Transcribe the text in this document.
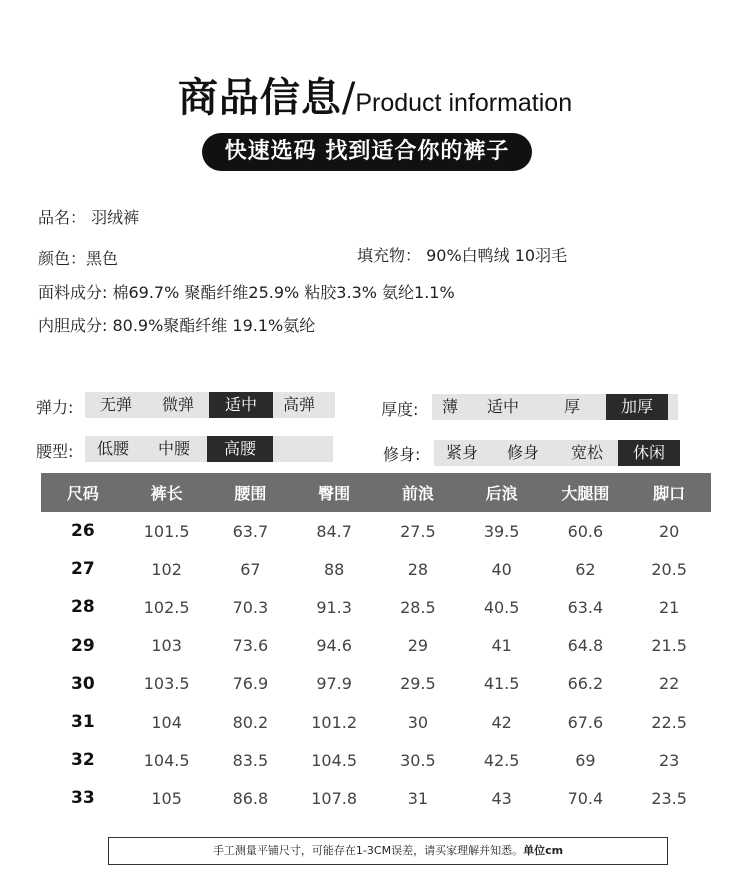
商品信息/Product information
快速选码 找到适合你的裤子
品名： 羽绒裤
颜色：黑色	填充物： 90%白鸭绒 10羽毛
面料成分: 棉69.7% 聚酯纤维25.9% 粘胶3.3% 氨纶1.1%
内胆成分: 80.9%聚酯纤维 19.1%氨纶
弹力:	无弹	微弹	适中	高弹	厚度:	薄	适中	厚	加厚
腰型:	低腰	中腰	高腰	修身:	紧身	修身	宽松	休闲
尺码	裤长	腰围	臀围	前浪	后浪	大腿围	脚口
26	101.5	63.7	84.7	27.5	39.5	60.6	20
27	102	67	88	28	40	62	20.5
28	102.5	70.3	91.3	28.5	40.5	63.4	21
29	103	73.6	94.6	29	41	64.8	21.5
30	103.5	76.9	97.9	29.5	41.5	66.2	22
31	104	80.2	101.2	30	42	67.6	22.5
32	104.5	83.5	104.5	30.5	42.5	69	23
33	105	86.8	107.8	31	43	70.4	23.5
手工测量平铺尺寸，可能存在1-3CM误差，请买家理解并知悉。单位cm
